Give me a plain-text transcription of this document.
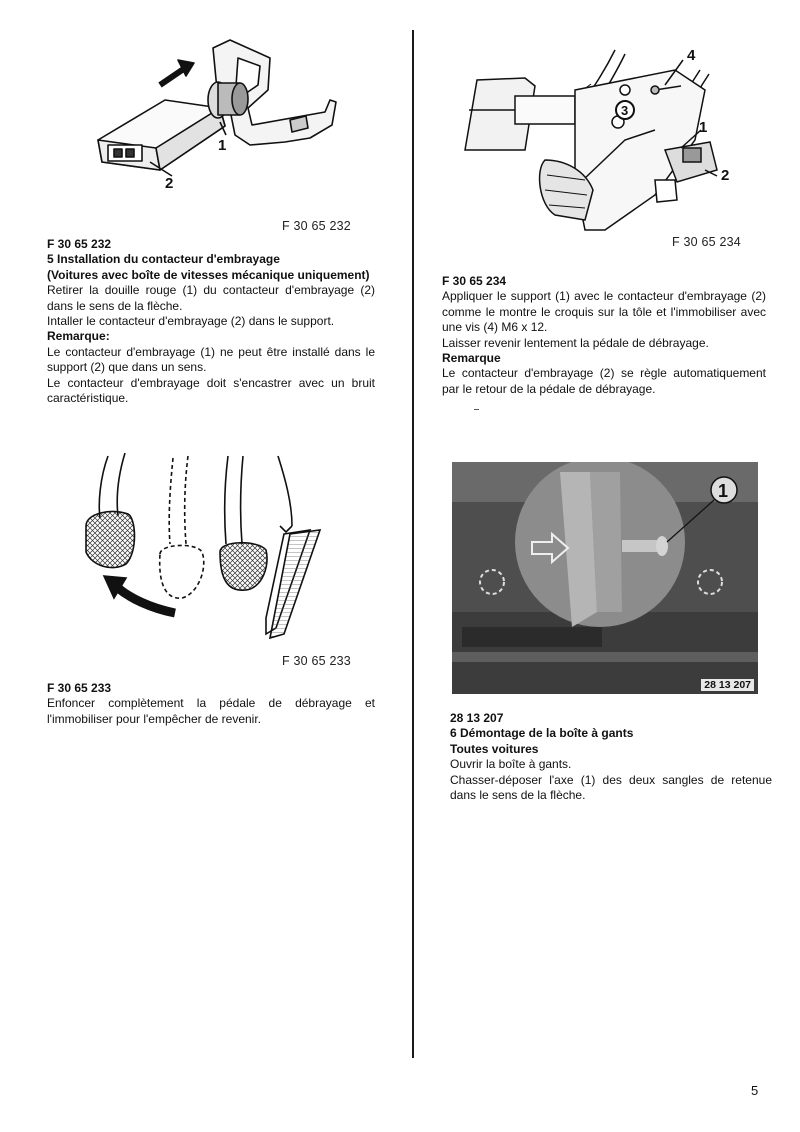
1
2
F 30 65 232
F 30 65 232
5 Installation du contacteur d'embrayage
(Voitures avec boîte de vitesses mécanique uniquement)
Retirer la douille rouge (1) du contacteur d'embrayage (2) dans le sens de la flèche.
Intaller le contacteur d'embrayage (2) dans le support.
Remarque:
Le contacteur d'embrayage (1) ne peut être installé dans le support (2) que dans un sens.
Le contacteur d'embrayage doit s'encastrer avec un bruit caractéristique.
F 30 65 233
F 30 65 233
Enfoncer complètement la pédale de débrayage et l'immobiliser pour l'empêcher de revenir.
3
4
1
2
F 30 65 234
F 30 65 234
Appliquer le support (1) avec le contacteur d'embrayage (2) comme le montre le croquis sur la tôle et l'immobiliser avec une vis (4) M6 x 12.
Laisser revenir lentement la pédale de débrayage.
Remarque
Le contacteur d'embrayage (2) se règle automatiquement par le retour de la pédale de débrayage.
1
28 13 207
28 13 207
6 Démontage de la boîte à gants
Toutes voitures
Ouvrir la boîte à gants.
Chasser-déposer l'axe (1) des deux sangles de retenue dans le sens de la flèche.
5
